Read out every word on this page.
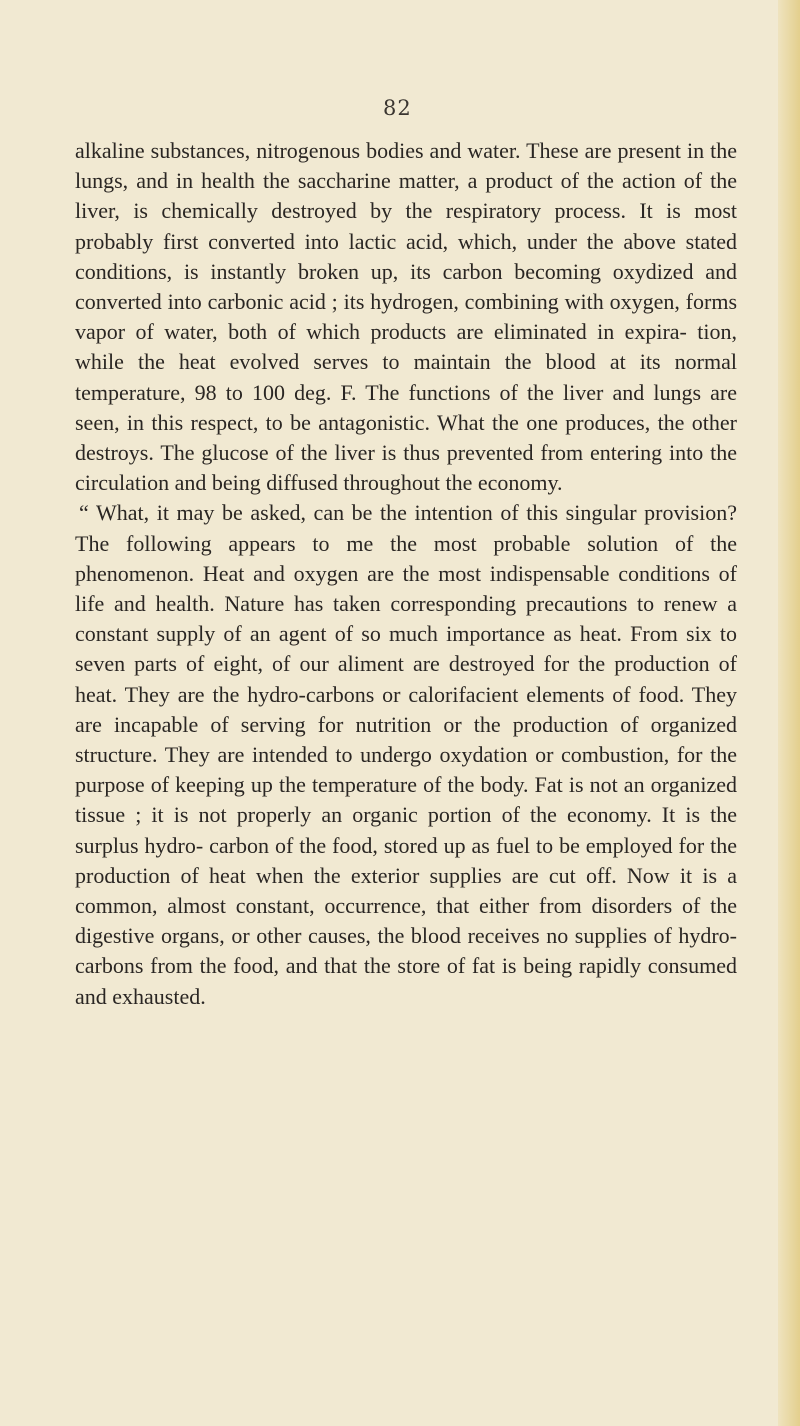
82

alkaline substances, nitrogenous bodies and water. These are present in the lungs, and in health the saccharine matter, a product of the action of the liver, is chemically destroyed by the respiratory process. It is most probably first converted into lactic acid, which, under the above stated conditions, is instantly broken up, its carbon becoming oxydized and converted into carbonic acid ; its hydrogen, combining with oxygen, forms vapor of water, both of which products are eliminated in expira- tion, while the heat evolved serves to maintain the blood at its normal temperature, 98 to 100 deg. F. The functions of the liver and lungs are seen, in this respect, to be antagonistic. What the one produces, the other destroys. The glucose of the liver is thus prevented from entering into the circulation and being diffused throughout the economy.

“ What, it may be asked, can be the intention of this singular provision? The following appears to me the most probable solution of the phenomenon. Heat and oxygen are the most indispensable conditions of life and health. Nature has taken corresponding precautions to renew a constant supply of an agent of so much importance as heat. From six to seven parts of eight, of our aliment are destroyed for the production of heat. They are the hydro-carbons or calorifacient elements of food. They are incapable of serving for nutrition or the production of organized structure. They are intended to undergo oxydation or combustion, for the purpose of keeping up the temperature of the body. Fat is not an organized tissue ; it is not properly an organic portion of the economy. It is the surplus hydro- carbon of the food, stored up as fuel to be employed for the production of heat when the exterior supplies are cut off. Now it is a common, almost constant, occurrence, that either from disorders of the digestive organs, or other causes, the blood receives no supplies of hydro-carbons from the food, and that the store of fat is being rapidly consumed and exhausted.
